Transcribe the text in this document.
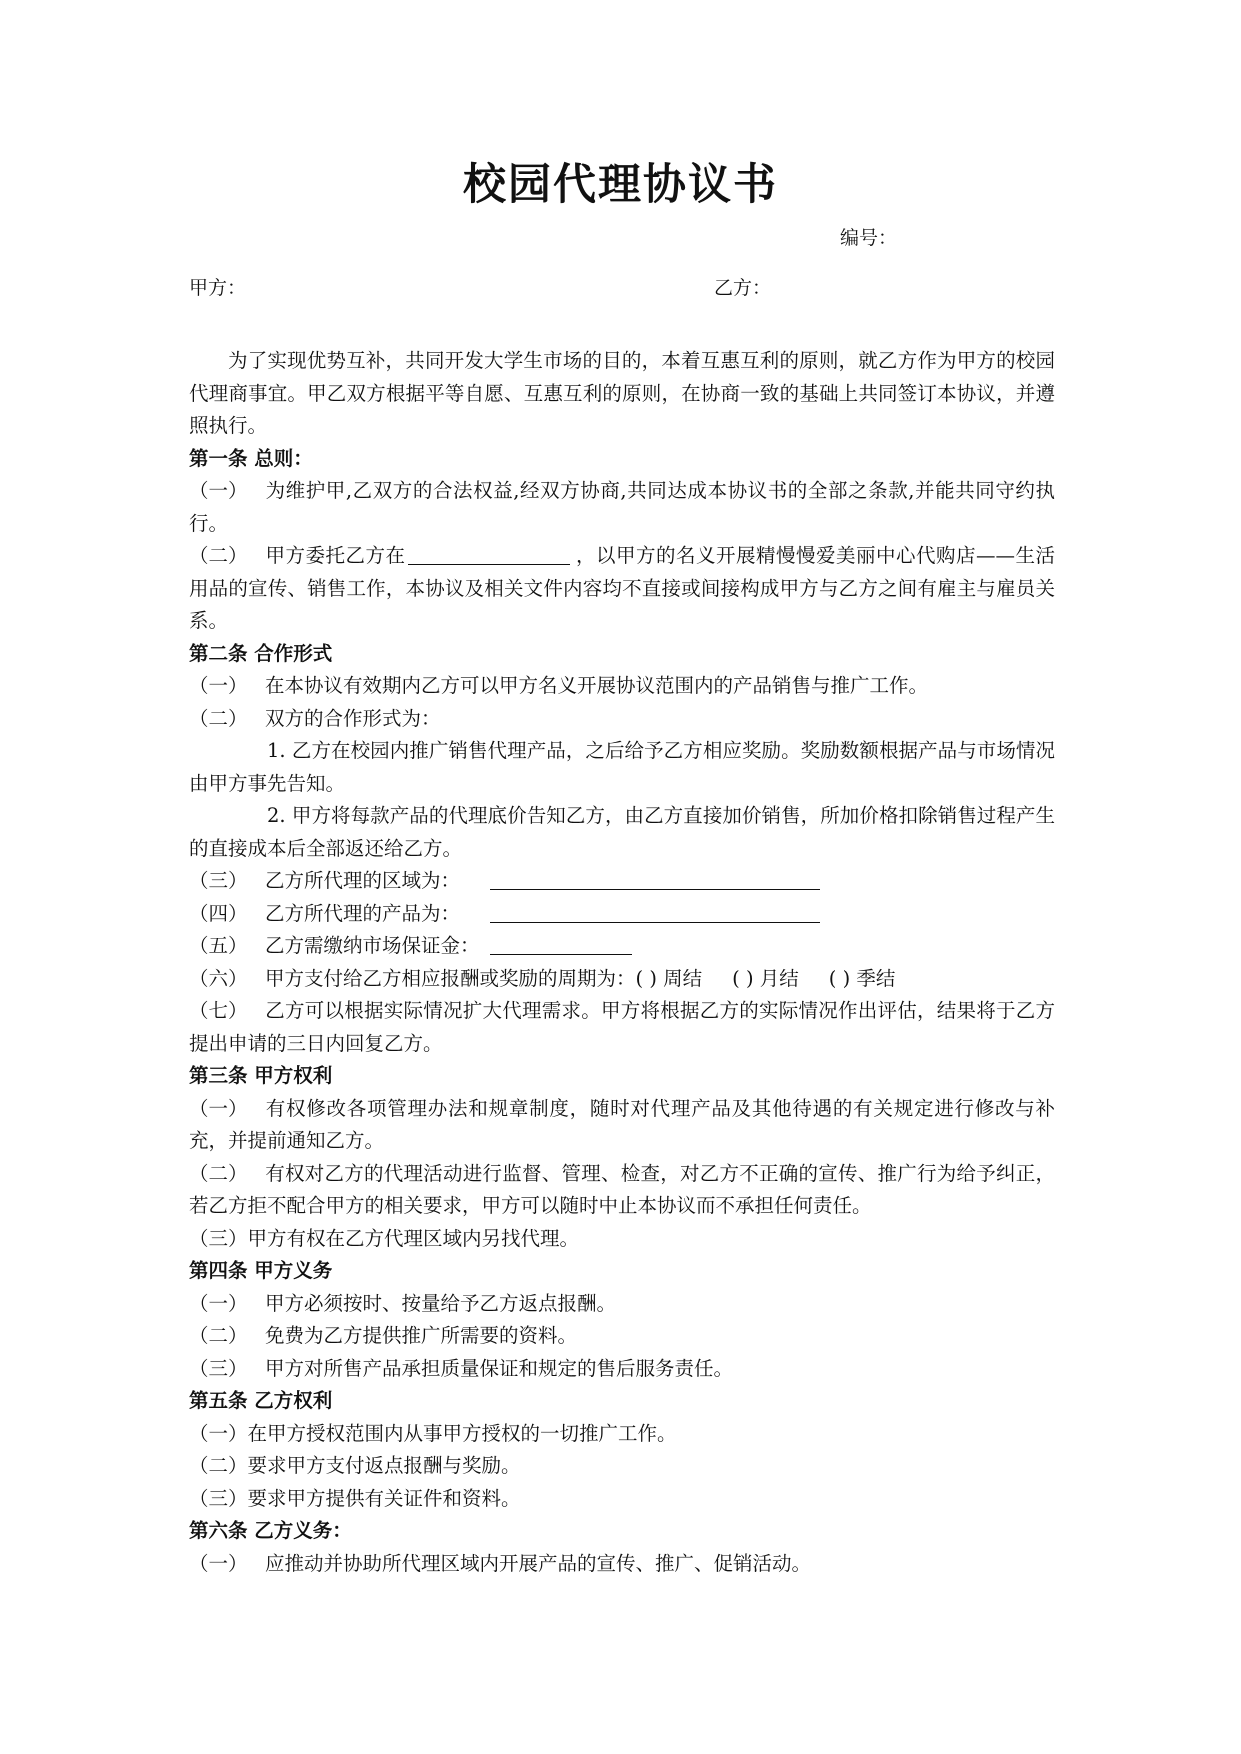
校园代理协议书
编号：
甲方：	乙方：

为了实现优势互补，共同开发大学生市场的目的，本着互惠互利的原则，就乙方作为甲方的校园代理商事宜。甲乙双方根据平等自愿、互惠互利的原则，在协商一致的基础上共同签订本协议，并遵照执行。

第一条 总则：

（一） 为维护甲,乙双方的合法权益,经双方协商,共同达成本协议书的全部之条款,并能共同守约执行。

（二） 甲方委托乙方在	，以甲方的名义开展精慢慢爱美丽中心代购店——生活用品的宣传、销售工作，本协议及相关文件内容均不直接或间接构成甲方与乙方之间有雇主与雇员关系。

第二条 合作形式

（一） 在本协议有效期内乙方可以甲方名义开展协议范围内的产品销售与推广工作。

（二） 双方的合作形式为：

1. 乙方在校园内推广销售代理产品，之后给予乙方相应奖励。奖励数额根据产品与市场情况由甲方事先告知。

2. 甲方将每款产品的代理底价告知乙方，由乙方直接加价销售，所加价格扣除销售过程产生的直接成本后全部返还给乙方。

（三） 乙方所代理的区域为：

（四） 乙方所代理的产品为：

（五） 乙方需缴纳市场保证金：

（六） 甲方支付给乙方相应报酬或奖励的周期为：( ) 周结 ( ) 月结 ( ) 季结

（七） 乙方可以根据实际情况扩大代理需求。甲方将根据乙方的实际情况作出评估，结果将于乙方提出申请的三日内回复乙方。

第三条 甲方权利

（一） 有权修改各项管理办法和规章制度，随时对代理产品及其他待遇的有关规定进行修改与补充，并提前通知乙方。

（二） 有权对乙方的代理活动进行监督、管理、检查，对乙方不正确的宣传、推广行为给予纠正，若乙方拒不配合甲方的相关要求，甲方可以随时中止本协议而不承担任何责任。

（三）甲方有权在乙方代理区域内另找代理。

第四条 甲方义务

（一） 甲方必须按时、按量给予乙方返点报酬。

（二） 免费为乙方提供推广所需要的资料。

（三） 甲方对所售产品承担质量保证和规定的售后服务责任。

第五条 乙方权利

（一）在甲方授权范围内从事甲方授权的一切推广工作。

（二）要求甲方支付返点报酬与奖励。

（三）要求甲方提供有关证件和资料。

第六条 乙方义务：

（一） 应推动并协助所代理区域内开展产品的宣传、推广、促销活动。
